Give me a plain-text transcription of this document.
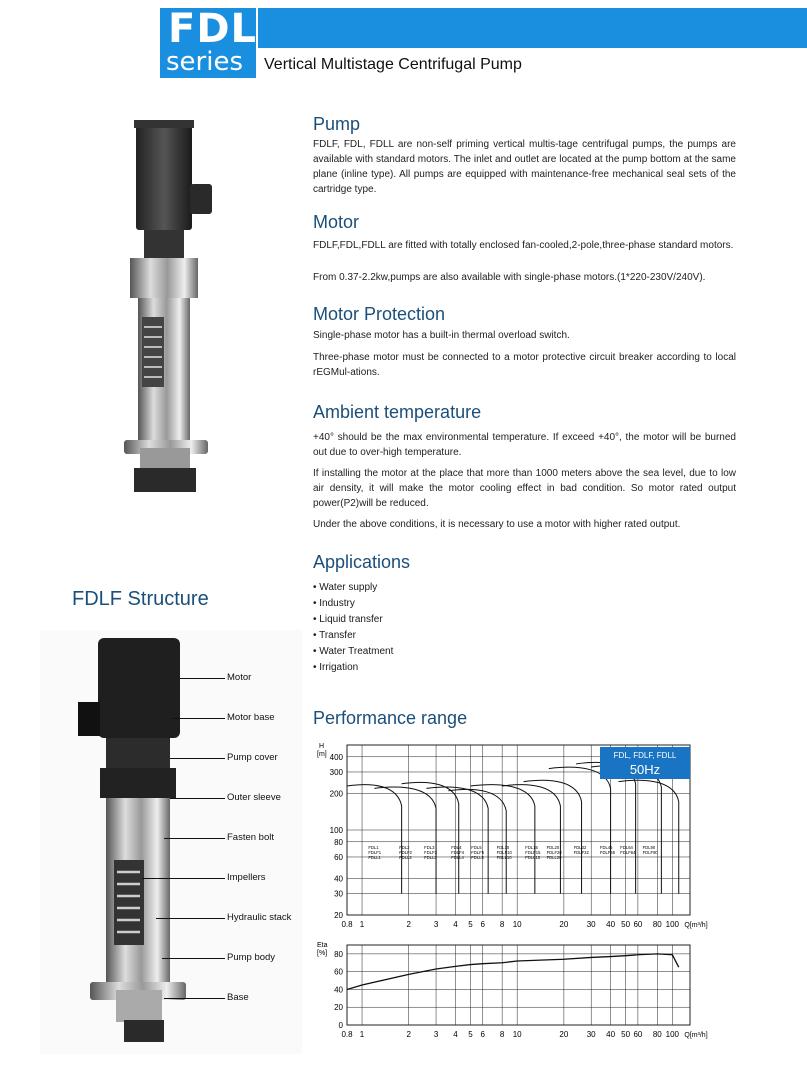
FDL
series Vertical Multistage Centrifugal Pump
Pump

FDLF, FDL, FDLL are non-self priming vertical multis-tage centrifugal pumps, the pumps are available with standard motors. The inlet and outlet are located at the pump bottom at the same plane (inline type). All pumps are equipped with maintenance-free mechanical seal sets of the cartridge type.

Motor

FDLF,FDL,FDLL are fitted with totally enclosed fan-cooled,2-pole,three-phase standard motors.

From 0.37-2.2kw,pumps are also available with single-phase motors.(1*220-230V/240V).

Motor Protection

Single-phase motor has a built-in thermal overload switch.

Three-phase motor must be connected to a motor protective circuit breaker according to local rEGMul-ations.

Ambient temperature

+40° should be the max environmental temperature. If exceed +40°, the motor will be burned out due to over-high temperature.

If installing the motor at the place that more than 1000 meters above the sea level, due to low air density, it will make the motor cooling effect in bad condition. So motor rated output power(P2)will be reduced.

Under the above conditions, it is necessary to use a motor with higher rated output.

Applications
• Water supply
• Industry
• Liquid transfer
• Transfer
• Water Treatment
• Irrigation
FDLF Structure
Motor
Motor base
Pump cover
Outer sleeve
Fasten bolt
Impellers
Hydraulic stack
Pump body
Base
Performance range
0.8
0.8
1
1
2
2
3
3
4
4
5
5
6
6
8
8
10
10
20
20
30
30
40
40
50
50
60
60
80
80
100
100
20
30
40
60
80
100
200
300
400
0
20
40
60
80
H
[m]
Eta
[%]
Q[m³/h]
Q[m³/h]
FDL1
FDLF1
FDLL1
FDL2
FDLF2
FDLL2
FDL3
FDLF3
FDLL3
FDL4
FDLF4
FDLL4
FDL5
FDLF5
FDLL5
FDL10
FDLF10
FDLL10
FDL15
FDLF15
FDLL15
FDL20
FDLF20
FDLL20
FDL32
FDLF32
FDL45
FDLF45
FDL64
FDLF64
FDL90
FDLF90
FDL, FDLF, FDLL
50Hz
